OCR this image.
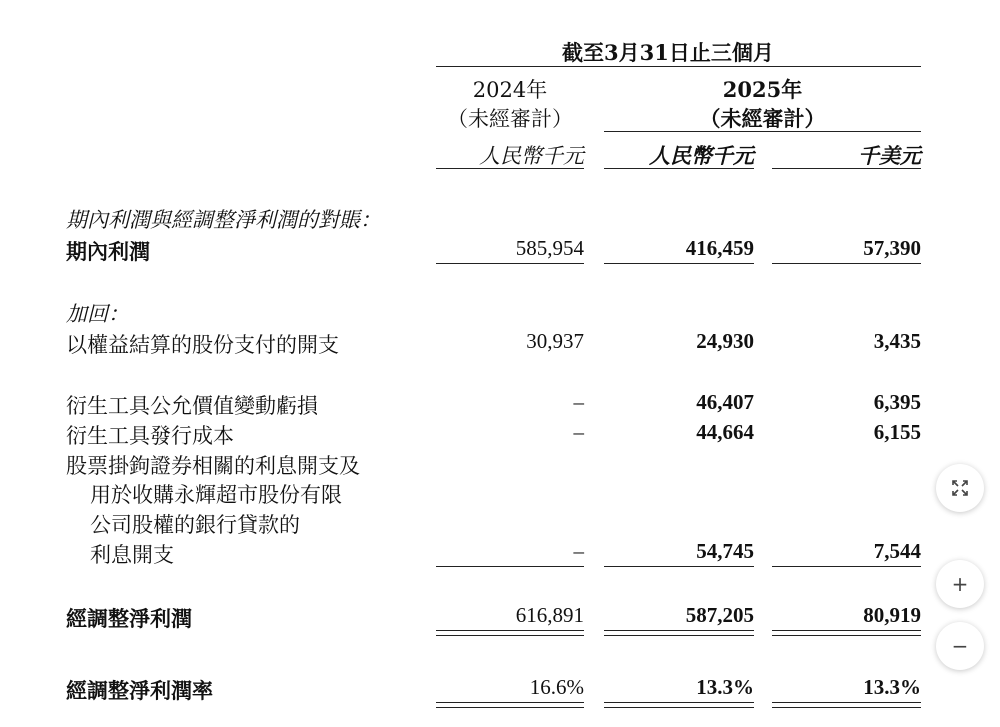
截至3月31日止三個月
2024年
（未經審計）
2025年
（未經審計）
人民幣千元	人民幣千元	千美元
期內利潤與經調整淨利潤的對賬：
期內利潤	585,954	416,459	57,390
加回：
以權益結算的股份支付的開支	30,937	24,930	3,435
衍生工具公允價值變動虧損	–	46,407	6,395
衍生工具發行成本	–	44,664	6,155
股票掛鉤證券相關的利息開支及
用於收購永輝超市股份有限
公司股權的銀行貸款的
利息開支	–	54,745	7,544
經調整淨利潤	616,891	587,205	80,919
經調整淨利潤率	16.6%	13.3%	13.3%
+
−
